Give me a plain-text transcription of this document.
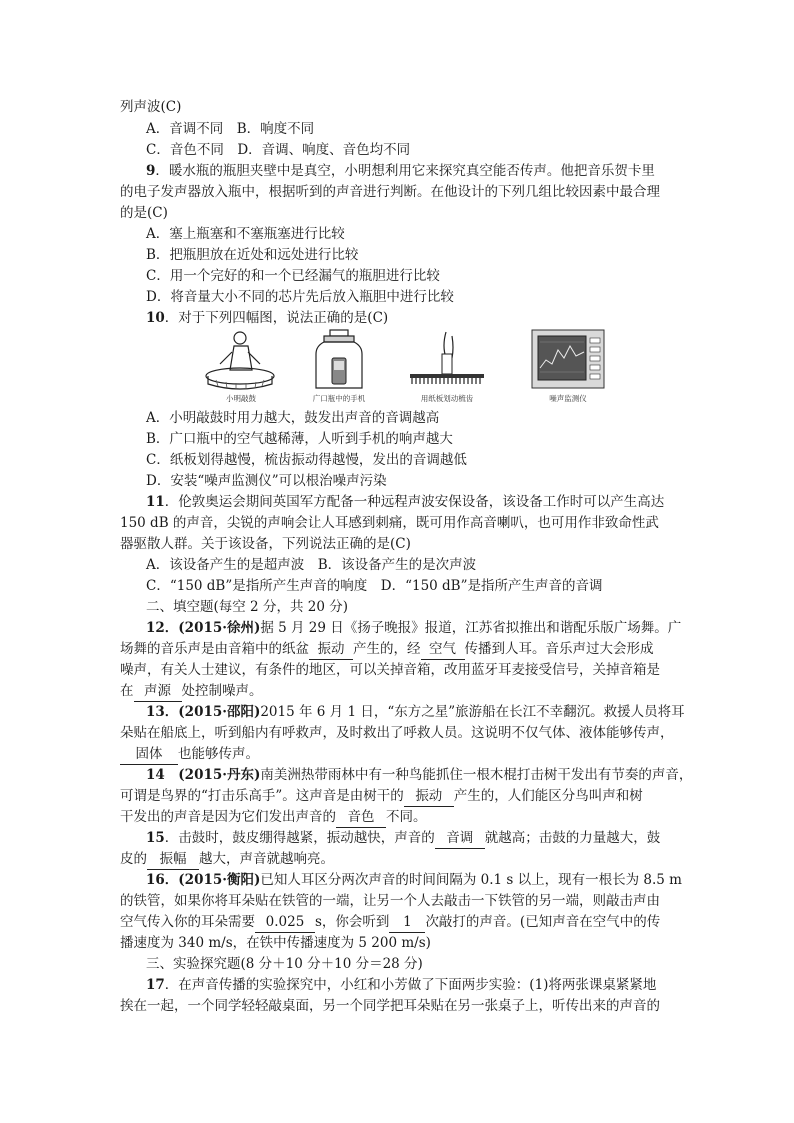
列声波(C)
A．音调不同　B．响度不同
C．音色不同　D．音调、响度、音色均不同
9．暖水瓶的瓶胆夹壁中是真空，小明想利用它来探究真空能否传声。他把音乐贺卡里
的电子发声器放入瓶中，根据听到的声音进行判断。在他设计的下列几组比较因素中最合理
的是(C)
A．塞上瓶塞和不塞瓶塞进行比较
B．把瓶胆放在近处和远处进行比较
C．用一个完好的和一个已经漏气的瓶胆进行比较
D．将音量大小不同的芯片先后放入瓶胆中进行比较
10．对于下列四幅图，说法正确的是(C)
小明敲鼓	广口瓶中的手机	用纸板划动梳齿	噪声监测仪
A．小明敲鼓时用力越大，鼓发出声音的音调越高
B．广口瓶中的空气越稀薄，人听到手机的响声越大
C．纸板划得越慢，梳齿振动得越慢，发出的音调越低
D．安装“噪声监测仪”可以根治噪声污染
11．伦敦奥运会期间英国军方配备一种远程声波安保设备，该设备工作时可以产生高达
150 dB 的声音，尖锐的声响会让人耳感到刺痛，既可用作高音喇叭，也可用作非致命性武
器驱散人群。关于该设备，下列说法正确的是(C)
A．该设备产生的是超声波　B．该设备产生的是次声波
C．“150 dB”是指所产生声音的响度　D．“150 dB”是指所产生声音的音调
二、填空题(每空 2 分，共 20 分)
12．(2015·徐州)据 5 月 29 日《扬子晚报》报道，江苏省拟推出和谐配乐版广场舞。广
场舞的音乐声是由音箱中的纸盆 振动 产生的，经 空气 传播到人耳。音乐声过大会形成
噪声，有关人士建议，有条件的地区，可以关掉音箱，改用蓝牙耳麦接受信号，关掉音箱是
在 声源 处控制噪声。
13．(2015·邵阳)2015 年 6 月 1 日，“东方之星”旅游船在长江不幸翻沉。救援人员将耳
朵贴在船底上，听到船内有呼救声，及时救出了呼救人员。这说明不仅气体、液体能够传声，
固体 也能够传声。
14　(2015·丹东)南美洲热带雨林中有一种鸟能抓住一根木棍打击树干发出有节奏的声音，
可谓是鸟界的“打击乐高手”。这声音是由树干的 振动 产生的，人们能区分鸟叫声和树
干发出的声音是因为它们发出声音的 音色 不同。
15．击鼓时，鼓皮绷得越紧，振动越快，声音的 音调 就越高；击鼓的力量越大，鼓
皮的 振幅 越大，声音就越响亮。
16．(2015·衡阳)已知人耳区分两次声音的时间间隔为 0.1 s 以上，现有一根长为 8.5 m
的铁管，如果你将耳朵贴在铁管的一端，让另一个人去敲击一下铁管的另一端，则敲击声由
空气传入你的耳朵需要 0.025 s，你会听到 1 次敲打的声音。(已知声音在空气中的传
播速度为 340 m/s，在铁中传播速度为 5 200 m/s)
三、实验探究题(8 分＋10 分＋10 分＝28 分)
17．在声音传播的实验探究中，小红和小芳做了下面两步实验：(1)将两张课桌紧紧地
挨在一起，一个同学轻轻敲桌面，另一个同学把耳朵贴在另一张桌子上，听传出来的声音的
